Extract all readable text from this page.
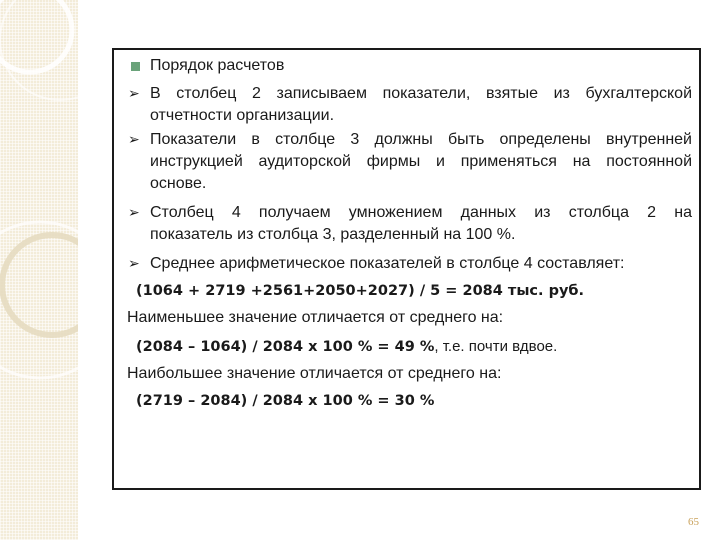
Порядок расчетов
➢ В столбец 2 записываем показатели, взятые из бухгалтерской
отчетности организации.
➢ Показатели в столбце 3 должны быть определены внутренней
инструкцией аудиторской фирмы и применяться на постоянной
основе.
➢ Столбец 4 получаем умножением данных из столбца 2 на
показатель из столбца 3, разделенный на 100 %.
➢ Среднее арифметическое показателей в столбце 4 составляет:
(1064 + 2719 +2561+2050+2027) / 5 = 2084 тыс. руб.
Наименьшее значение отличается от среднего на:
(2084 – 1064) / 2084 х 100 % = 49 %, т.е. почти вдвое.
Наибольшее значение отличается от среднего на:
(2719 – 2084) / 2084 х 100 % = 30 %
65
